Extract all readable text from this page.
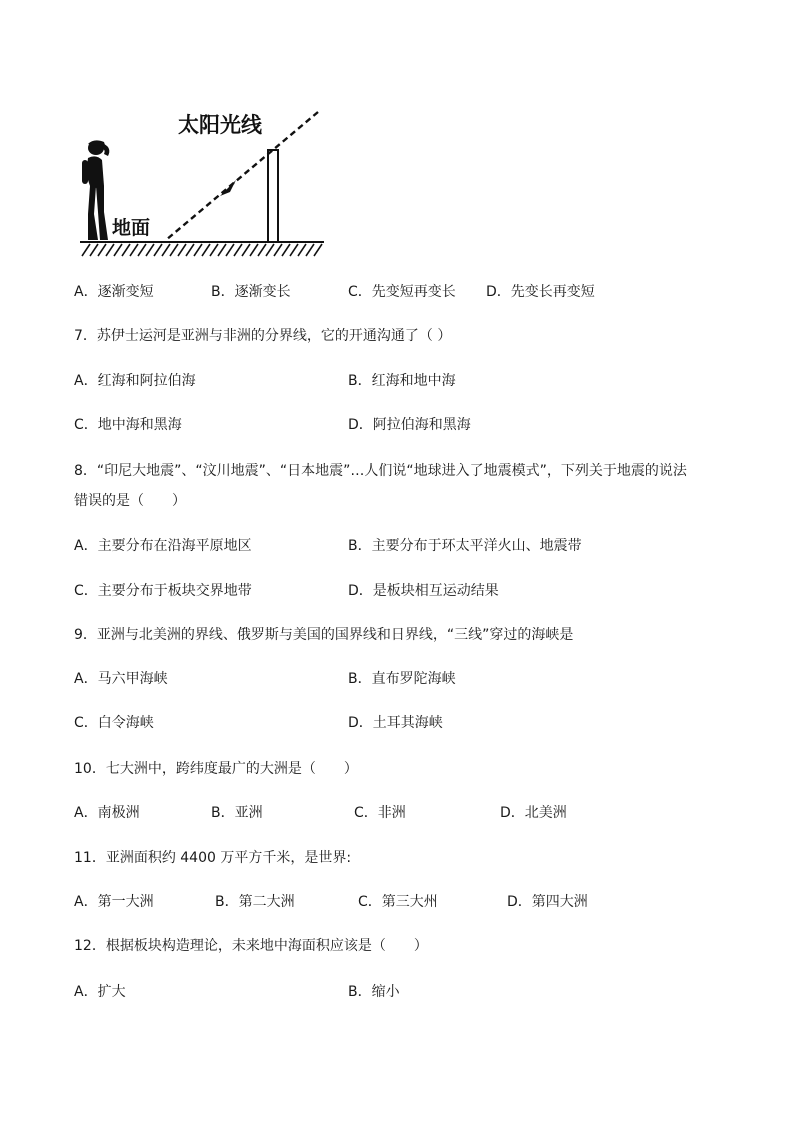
太阳光线
地面
A．逐渐变短	B．逐渐变长	C．先变短再变长 D．先变长再变短
7．苏伊士运河是亚洲与非洲的分界线，它的开通沟通了（ ）
A．红海和阿拉伯海	B．红海和地中海
C．地中海和黑海	D．阿拉伯海和黑海
8．“印尼大地震”、“汶川地震”、“日本地震”…人们说“地球进入了地震模式”，下列关于地震的说法
错误的是（　　）
A．主要分布在沿海平原地区	B．主要分布于环太平洋火山、地震带
C．主要分布于板块交界地带	D．是板块相互运动结果
9．亚洲与北美洲的界线、俄罗斯与美国的国界线和日界线，“三线”穿过的海峡是
A．马六甲海峡	B．直布罗陀海峡
C．白令海峡	D．土耳其海峡
10．七大洲中，跨纬度最广的大洲是（　　）
A．南极洲	B．亚洲	C．非洲	D．北美洲
11．亚洲面积约 4400 万平方千米，是世界:
A．第一大洲	B．第二大洲	C．第三大州	D．第四大洲
12．根据板块构造理论，未来地中海面积应该是（　　）
A．扩大	B．缩小
